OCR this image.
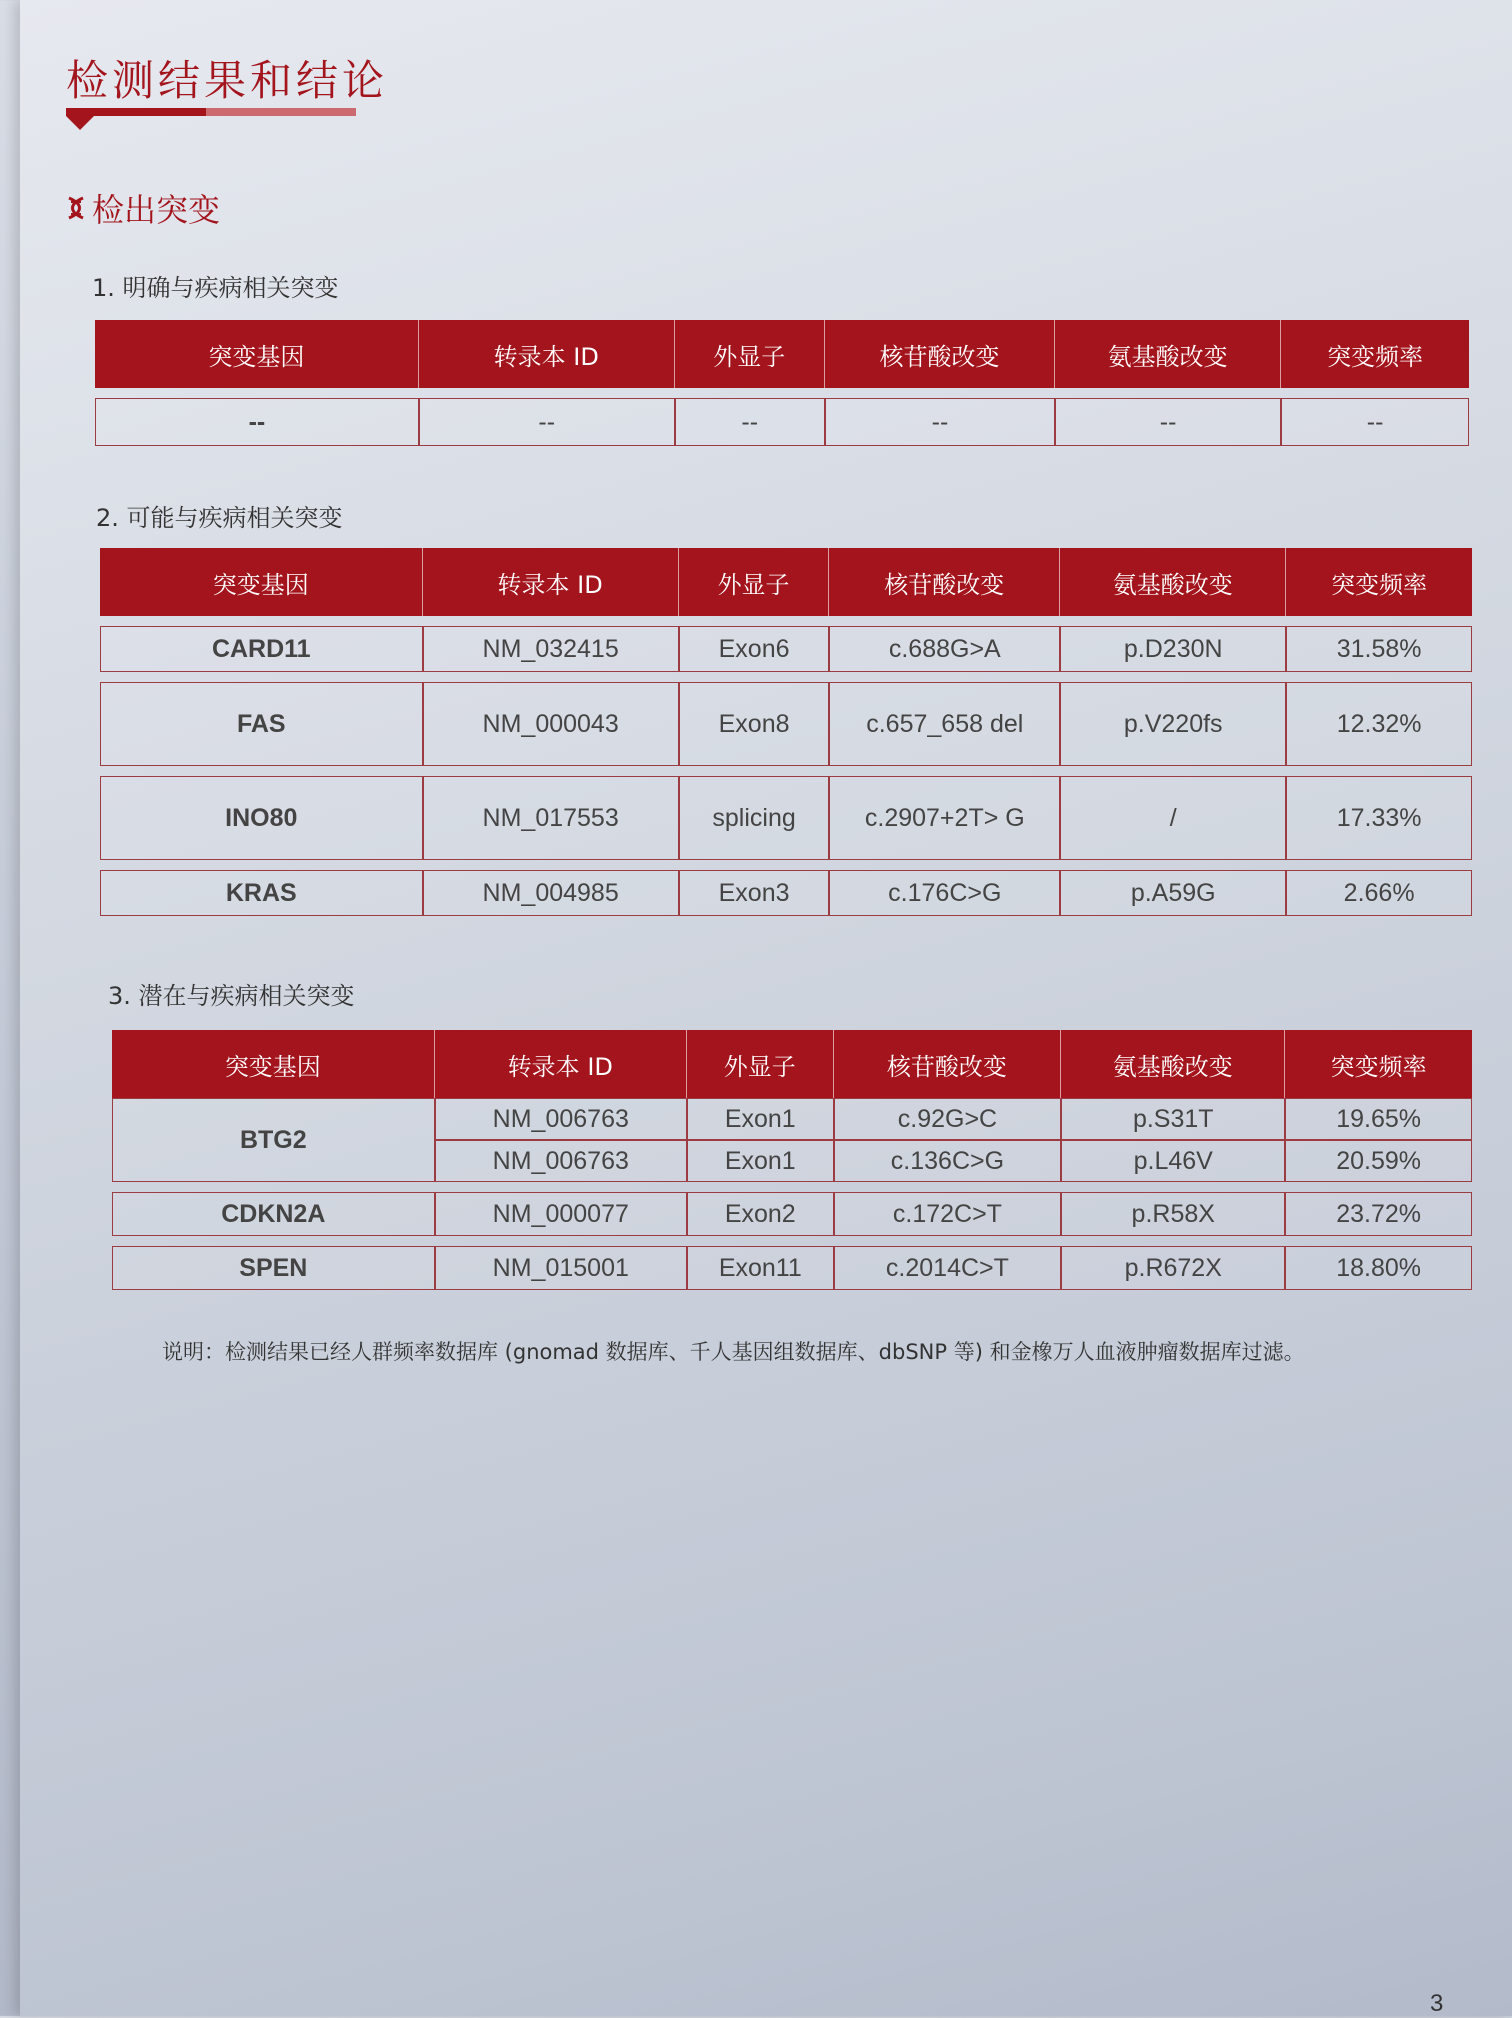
检测结果和结论
检出突变
1. 明确与疾病相关突变
突变基因	转录本 ID	外显子	核苷酸改变	氨基酸改变	突变频率

--	--	--	--	--	--
2. 可能与疾病相关突变
突变基因	转录本 ID	外显子	核苷酸改变	氨基酸改变	突变频率

CARD11	NM_032415	Exon6	c.688G>A	p.D230N	31.58%

FAS	NM_000043	Exon8	c.657_658 del	p.V220fs	12.32%

INO80	NM_017553	splicing	c.2907+2T> G	/	17.33%

KRAS	NM_004985	Exon3	c.176C>G	p.A59G	2.66%
3. 潜在与疾病相关突变
突变基因	转录本 ID	外显子	核苷酸改变	氨基酸改变	突变频率
BTG2	NM_006763	Exon1	c.92G>C	p.S31T	19.65%
	NM_006763	Exon1	c.136C>G	p.L46V	20.59%

CDKN2A	NM_000077	Exon2	c.172C>T	p.R58X	23.72%

SPEN	NM_015001	Exon11	c.2014C>T	p.R672X	18.80%
说明：检测结果已经人群频率数据库 (gnomad 数据库、千人基因组数据库、dbSNP 等) 和金橡万人血液肿瘤数据库过滤。
3
